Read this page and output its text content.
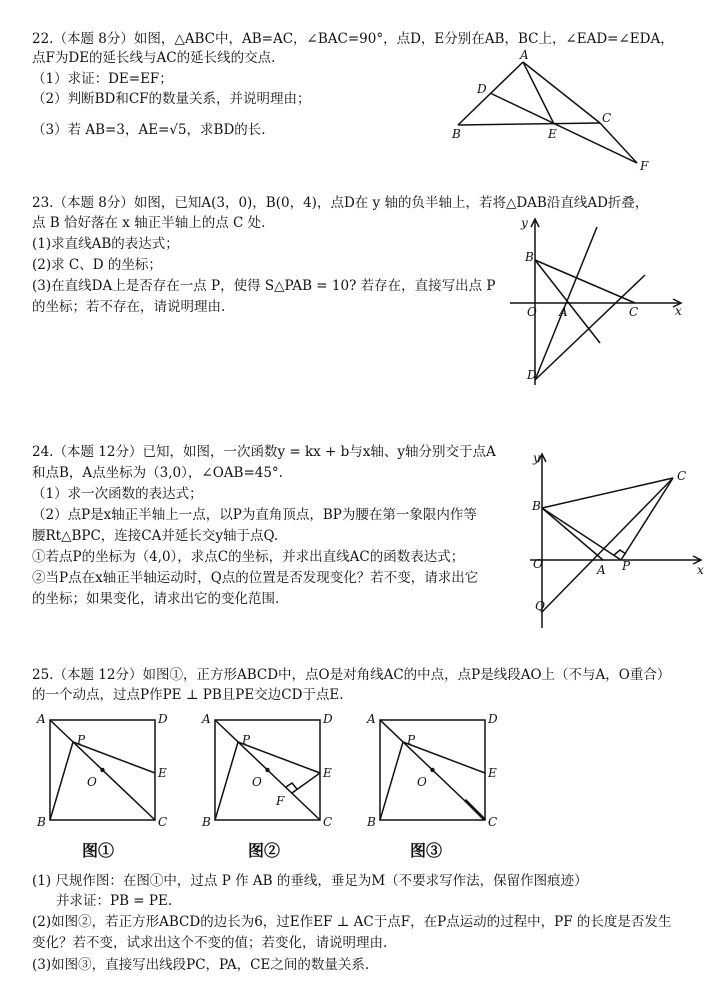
22.（本题 8分）如图，△ABC中，AB=AC，∠BAC=90°，点D，E分别在AB，BC上，∠EAD=∠EDA，
点F为DE的延长线与AC的延长线的交点.
（1）求证：DE=EF；
（2）判断BD和CF的数量关系，并说明理由；
（3）若 AB=3，AE=√5，求BD的长.
A
D
B	E
C
F
23.（本题 8分）如图，已知A(3，0)，B(0，4)，点D在 y 轴的负半轴上，若将△DAB沿直线AD折叠，
点 B 恰好落在 x 轴正半轴上的点 C 处.
(1)求直线AB的表达式；
(2)求 C、D 的坐标；
(3)在直线DA上是否存在一点 P，使得 S△PAB = 10? 若存在，直接写出点 P
的坐标；若不存在，请说明理由.
y
x
B
O A	C
D
24.（本题 12分）已知，如图，一次函数y = kx + b与x轴、y轴分别交于点A
和点B，A点坐标为（3,0），∠OAB=45°.
（1）求一次函数的表达式；
（2）点P是x轴正半轴上一点，以P为直角顶点，BP为腰在第一象限内作等
腰Rt△BPC，连接CA并延长交y轴于点Q.
①若点P的坐标为（4,0），求点C的坐标，并求出直线AC的函数表达式；
②当P点在x轴正半轴运动时，Q点的位置是否发现变化？若不变，请求出它
的坐标；如果变化，请求出它的变化范围.
y
x
B
O	A P
C
Q
25.（本题 12分）如图①，正方形ABCD中，点O是对角线AC的中点，点P是线段AO上（不与A，O重合）
的一个动点，过点P作PE ⊥ PB且PE交边CD于点E.
A	D
B	C
P
O
E
A	D
B	C
P
O
E
F
A	D
B	C
P
O
E
图①	图②	图③
(1) 尺规作图：在图①中，过点 P 作 AB 的垂线，垂足为M（不要求写作法，保留作图痕迹）
并求证：PB = PE.
(2)如图②，若正方形ABCD的边长为6，过E作EF ⊥ AC于点F，在P点运动的过程中，PF 的长度是否发生
变化？若不变，试求出这个不变的值；若变化，请说明理由.
(3)如图③，直接写出线段PC，PA，CE之间的数量关系.
